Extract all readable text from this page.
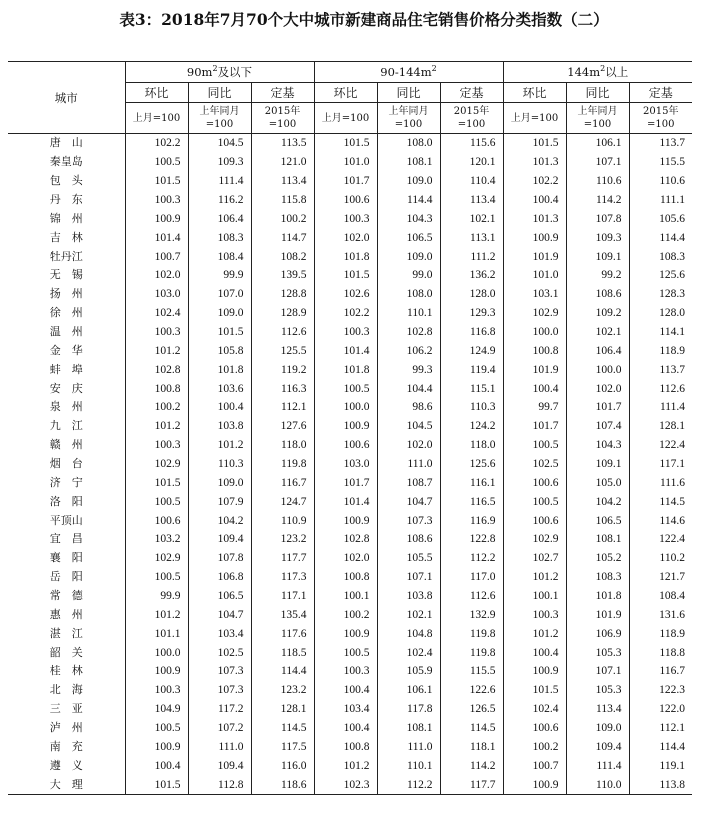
表3：2018年7月70个大中城市新建商品住宅销售价格分类指数（二）
城市	$90m^2$及以下			$90-144m^2$			$144m^2$以上		
	环比	同比	定基	环比	同比	定基	环比	同比	定基
	上月=100	上年同月=100	2015年=100	上月=100	上年同月=100	2015年=100	上月=100	上年同月=100	2015年=100
唐　山	102.2	104.5	113.5	101.5	108.0	115.6	101.5	106.1	113.7
秦皇岛	100.5	109.3	121.0	101.0	108.1	120.1	101.3	107.1	115.5
包　头	101.5	111.4	113.4	101.7	109.0	110.4	102.2	110.6	110.6
丹　东	100.3	116.2	115.8	100.6	114.4	113.4	100.4	114.2	111.1
锦　州	100.9	106.4	100.2	100.3	104.3	102.1	101.3	107.8	105.6
吉　林	101.4	108.3	114.7	102.0	106.5	113.1	100.9	109.3	114.4
牡丹江	100.7	108.4	108.2	101.8	109.0	111.2	101.9	109.1	108.3
无　锡	102.0	99.9	139.5	101.5	99.0	136.2	101.0	99.2	125.6
扬　州	103.0	107.0	128.8	102.6	108.0	128.0	103.1	108.6	128.3
徐　州	102.4	109.0	128.9	102.2	110.1	129.3	102.9	109.2	128.0
温　州	100.3	101.5	112.6	100.3	102.8	116.8	100.0	102.1	114.1
金　华	101.2	105.8	125.5	101.4	106.2	124.9	100.8	106.4	118.9
蚌　埠	102.8	101.8	119.2	101.8	99.3	119.4	101.9	100.0	113.7
安　庆	100.8	103.6	116.3	100.5	104.4	115.1	100.4	102.0	112.6
泉　州	100.2	100.4	112.1	100.0	98.6	110.3	99.7	101.7	111.4
九　江	101.2	103.8	127.6	100.9	104.5	124.2	101.7	107.4	128.1
赣　州	100.3	101.2	118.0	100.6	102.0	118.0	100.5	104.3	122.4
烟　台	102.9	110.3	119.8	103.0	111.0	125.6	102.5	109.1	117.1
济　宁	101.5	109.0	116.7	101.7	108.7	116.1	100.6	105.0	111.6
洛　阳	100.5	107.9	124.7	101.4	104.7	116.5	100.5	104.2	114.5
平顶山	100.6	104.2	110.9	100.9	107.3	116.9	100.6	106.5	114.6
宜　昌	103.2	109.4	123.2	102.8	108.6	122.8	102.9	108.1	122.4
襄　阳	102.9	107.8	117.7	102.0	105.5	112.2	102.7	105.2	110.2
岳　阳	100.5	106.8	117.3	100.8	107.1	117.0	101.2	108.3	121.7
常　德	99.9	106.5	117.1	100.1	103.8	112.6	100.1	101.8	108.4
惠　州	101.2	104.7	135.4	100.2	102.1	132.9	100.3	101.9	131.6
湛　江	101.1	103.4	117.6	100.9	104.8	119.8	101.2	106.9	118.9
韶　关	100.0	102.5	118.5	100.5	102.4	119.8	100.4	105.3	118.8
桂　林	100.9	107.3	114.4	100.3	105.9	115.5	100.9	107.1	116.7
北　海	100.3	107.3	123.2	100.4	106.1	122.6	101.5	105.3	122.3
三　亚	104.9	117.2	128.1	103.4	117.8	126.5	102.4	113.4	122.0
泸　州	100.5	107.2	114.5	100.4	108.1	114.5	100.6	109.0	112.1
南　充	100.9	111.0	117.5	100.8	111.0	118.1	100.2	109.4	114.4
遵　义	100.4	109.4	116.0	101.2	110.1	114.2	100.7	111.4	119.1
大　理	101.5	112.8	118.6	102.3	112.2	117.7	100.9	110.0	113.8
